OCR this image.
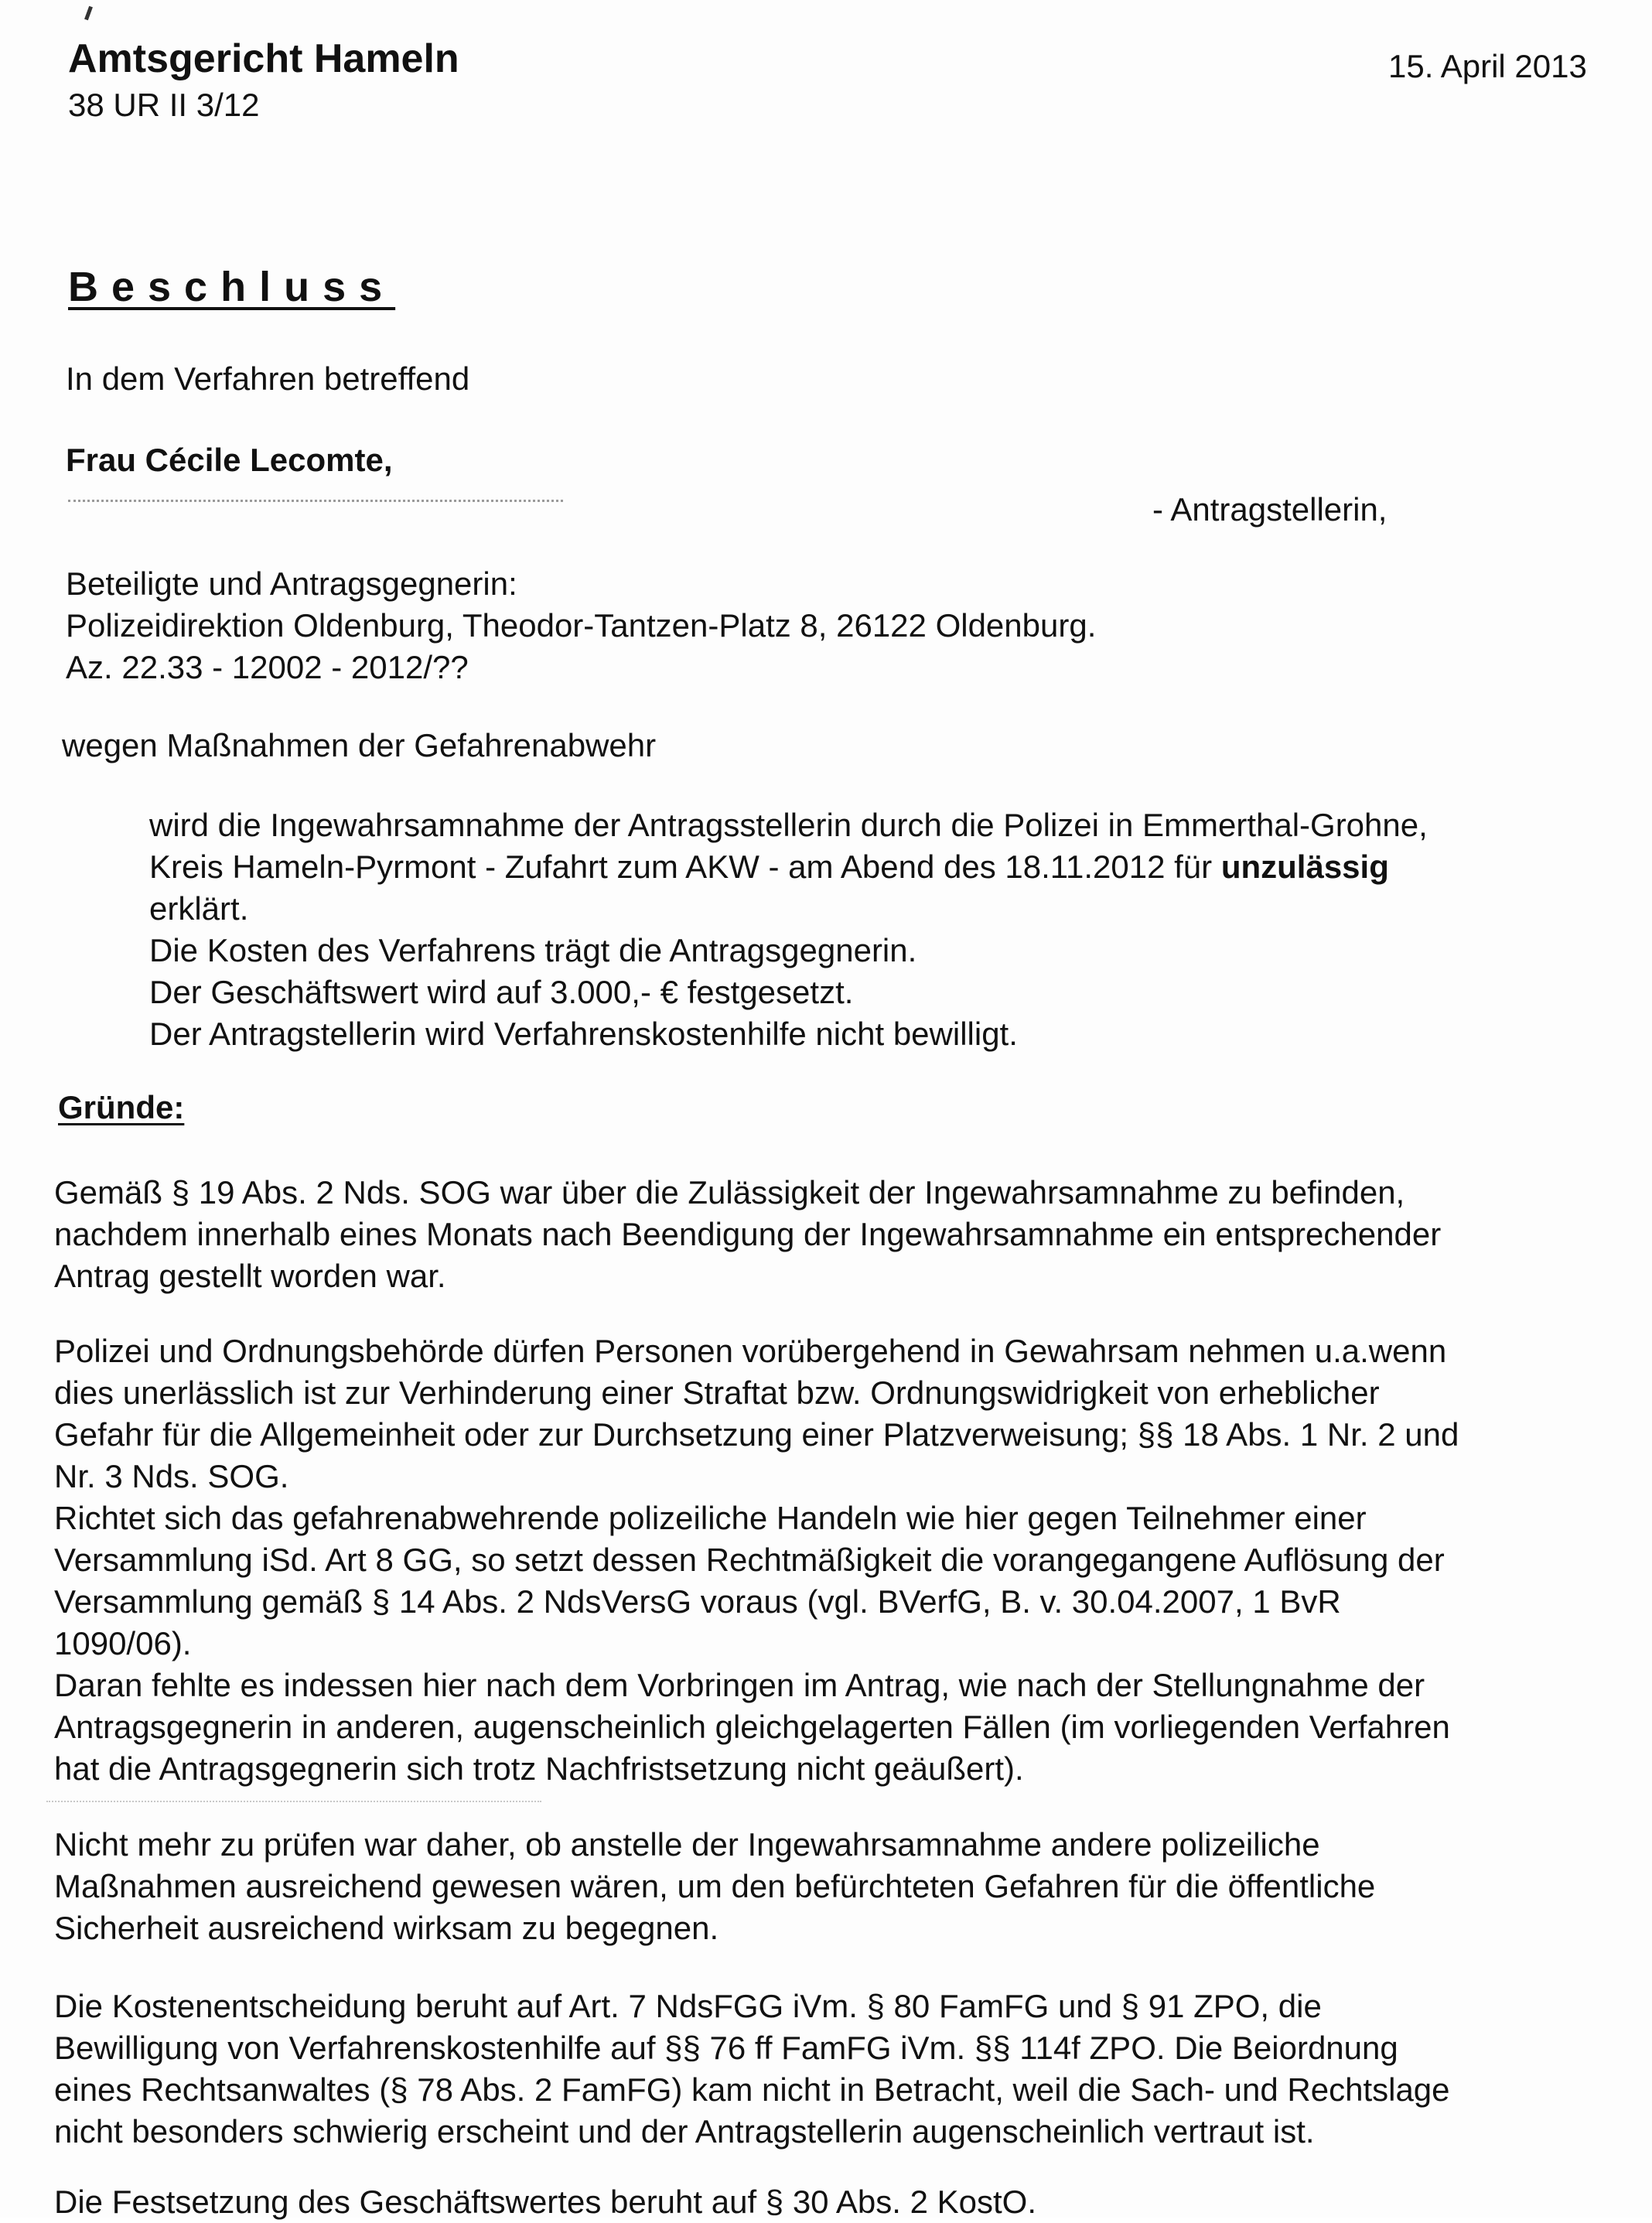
Amtsgericht Hameln
38 UR II 3/12
15. April 2013
Beschluss
In dem Verfahren betreffend
Frau Cécile Lecomte,
- Antragstellerin,
Beteiligte und Antragsgegnerin:
Polizeidirektion Oldenburg, Theodor-Tantzen-Platz 8, 26122 Oldenburg.
Az. 22.33 - 12002 - 2012/??
wegen Maßnahmen der Gefahrenabwehr
wird die Ingewahrsamnahme der Antragsstellerin durch die Polizei in Emmerthal-Grohne,
Kreis Hameln-Pyrmont - Zufahrt zum AKW - am Abend des 18.11.2012 für unzulässig
erklärt.
Die Kosten des Verfahrens trägt die Antragsgegnerin.
Der Geschäftswert wird auf 3.000,- € festgesetzt.
Der Antragstellerin wird Verfahrenskostenhilfe nicht bewilligt.
Gründe:
Gemäß § 19 Abs. 2 Nds. SOG war über die Zulässigkeit der Ingewahrsamnahme zu befinden,
nachdem innerhalb eines Monats nach Beendigung der Ingewahrsamnahme ein entsprechender
Antrag gestellt worden war.
Polizei und Ordnungsbehörde dürfen Personen vorübergehend in Gewahrsam nehmen u.a.wenn
dies unerlässlich ist zur Verhinderung einer Straftat bzw. Ordnungswidrigkeit von erheblicher
Gefahr für die Allgemeinheit oder zur Durchsetzung einer Platzverweisung; §§ 18 Abs. 1 Nr. 2 und
Nr. 3 Nds. SOG.
Richtet sich das gefahrenabwehrende polizeiliche Handeln wie hier gegen Teilnehmer einer
Versammlung iSd. Art 8 GG, so setzt dessen Rechtmäßigkeit die vorangegangene Auflösung der
Versammlung gemäß § 14 Abs. 2 NdsVersG voraus (vgl. BVerfG, B. v. 30.04.2007, 1 BvR
1090/06).
Daran fehlte es indessen hier nach dem Vorbringen im Antrag, wie nach der Stellungnahme der
Antragsgegnerin in anderen, augenscheinlich gleichgelagerten Fällen (im vorliegenden Verfahren
hat die Antragsgegnerin sich trotz Nachfristsetzung nicht geäußert).
Nicht mehr zu prüfen war daher, ob anstelle der Ingewahrsamnahme andere polizeiliche
Maßnahmen ausreichend gewesen wären, um den befürchteten Gefahren für die öffentliche
Sicherheit ausreichend wirksam zu begegnen.
Die Kostenentscheidung beruht auf Art. 7 NdsFGG iVm. § 80 FamFG und § 91 ZPO, die
Bewilligung von Verfahrenskostenhilfe auf §§ 76 ff FamFG iVm. §§ 114f ZPO. Die Beiordnung
eines Rechtsanwaltes (§ 78 Abs. 2 FamFG) kam nicht in Betracht, weil die Sach- und Rechtslage
nicht besonders schwierig erscheint und der Antragstellerin augenscheinlich vertraut ist.
Die Festsetzung des Geschäftswertes beruht auf § 30 Abs. 2 KostO.
